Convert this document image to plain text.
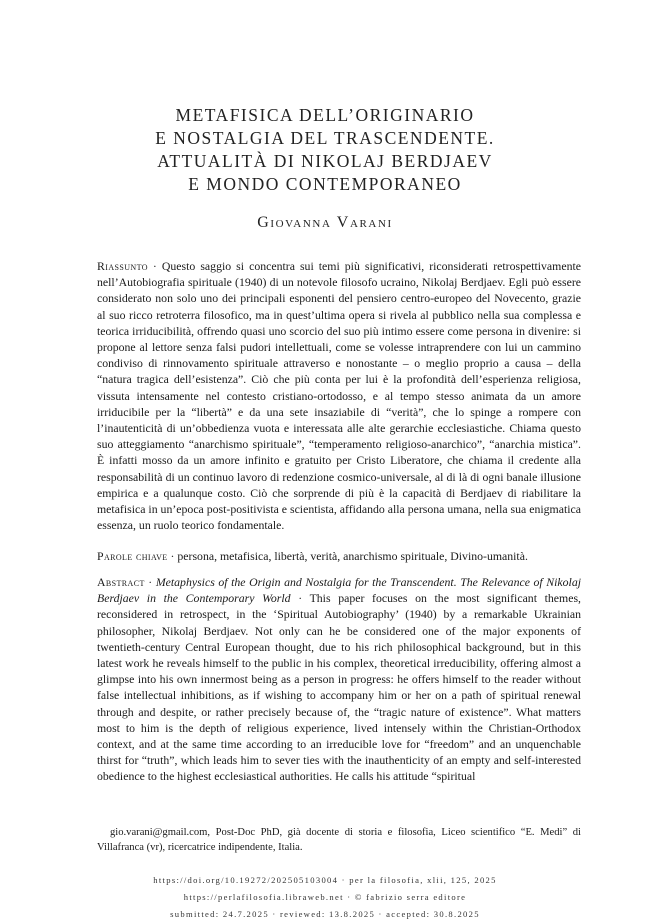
METAFISICA DELL’ORIGINARIO
E NOSTALGIA DEL TRASCENDENTE.
ATTUALITÀ DI NIKOLAJ BERDJAEV
E MONDO CONTEMPORANEO
Giovanna Varani
Riassunto · Questo saggio si concentra sui temi più significativi, riconsiderati retrospettivamente nell’Autobiografia spirituale (1940) di un notevole filosofo ucraino, Nikolaj Berdjaev. Egli può essere considerato non solo uno dei principali esponenti del pensiero centro-europeo del Novecento, grazie al suo ricco retroterra filosofico, ma in quest’ultima opera si rivela al pubblico nella sua complessa e teorica irriducibilità, offrendo quasi uno scorcio del suo più intimo essere come persona in divenire: si propone al lettore senza falsi pudori intellettuali, come se volesse intraprendere con lui un cammino condiviso di rinnovamento spirituale attraverso e nonostante – o meglio proprio a causa – della “natura tragica dell’esistenza”. Ciò che più conta per lui è la profondità dell’esperienza religiosa, vissuta intensamente nel contesto cristiano-ortodosso, e al tempo stesso animata da un amore irriducibile per la “libertà” e da una sete insaziabile di “verità”, che lo spinge a rompere con l’inautenticità di un’obbedienza vuota e interessata alle alte gerarchie ecclesiastiche. Chiama questo suo atteggiamento “anarchismo spirituale”, “temperamento religioso-anarchico”, “anarchia mistica”. È infatti mosso da un amore infinito e gratuito per Cristo Liberatore, che chiama il credente alla responsabilità di un continuo lavoro di redenzione cosmico-universale, al di là di ogni banale illusione empirica e a qualunque costo. Ciò che sorprende di più è la capacità di Berdjaev di riabilitare la metafisica in un’epoca post-positivista e scientista, affidando alla persona umana, nella sua enigmatica essenza, un ruolo teorico fondamentale.
Parole chiave · persona, metafisica, libertà, verità, anarchismo spirituale, Divino-umanità.
Abstract · Metaphysics of the Origin and Nostalgia for the Transcendent. The Relevance of Nikolaj Berdjaev in the Contemporary World · This paper focuses on the most significant themes, reconsidered in retrospect, in the ‘Spiritual Autobiography’ (1940) by a remarkable Ukrainian philosopher, Nikolaj Berdjaev. Not only can he be considered one of the major exponents of twentieth-century Central European thought, due to his rich philosophical background, but in this latest work he reveals himself to the public in his complex, theoretical irreducibility, offering almost a glimpse into his own innermost being as a person in progress: he offers himself to the reader without false intellectual inhibitions, as if wishing to accompany him or her on a path of spiritual renewal through and despite, or rather precisely because of, the “tragic nature of existence”. What matters most to him is the depth of religious experience, lived intensely within the Christian-Orthodox context, and at the same time according to an irreducible love for “freedom” and an unquenchable thirst for “truth”, which leads him to sever ties with the inauthenticity of an empty and self-interested obedience to the highest ecclesiastical authorities. He calls his attitude “spiritual
gio.varani@gmail.com, Post-Doc PhD, già docente di storia e filosofia, Liceo scientifico “E. Medi” di Villafranca (vr), ricercatrice indipendente, Italia.
https://doi.org/10.19272/202505103004 · per la filosofia, xlii, 125, 2025
https://perlafilosofia.libraweb.net · © fabrizio serra editore
submitted: 24.7.2025 · reviewed: 13.8.2025 · accepted: 30.8.2025
